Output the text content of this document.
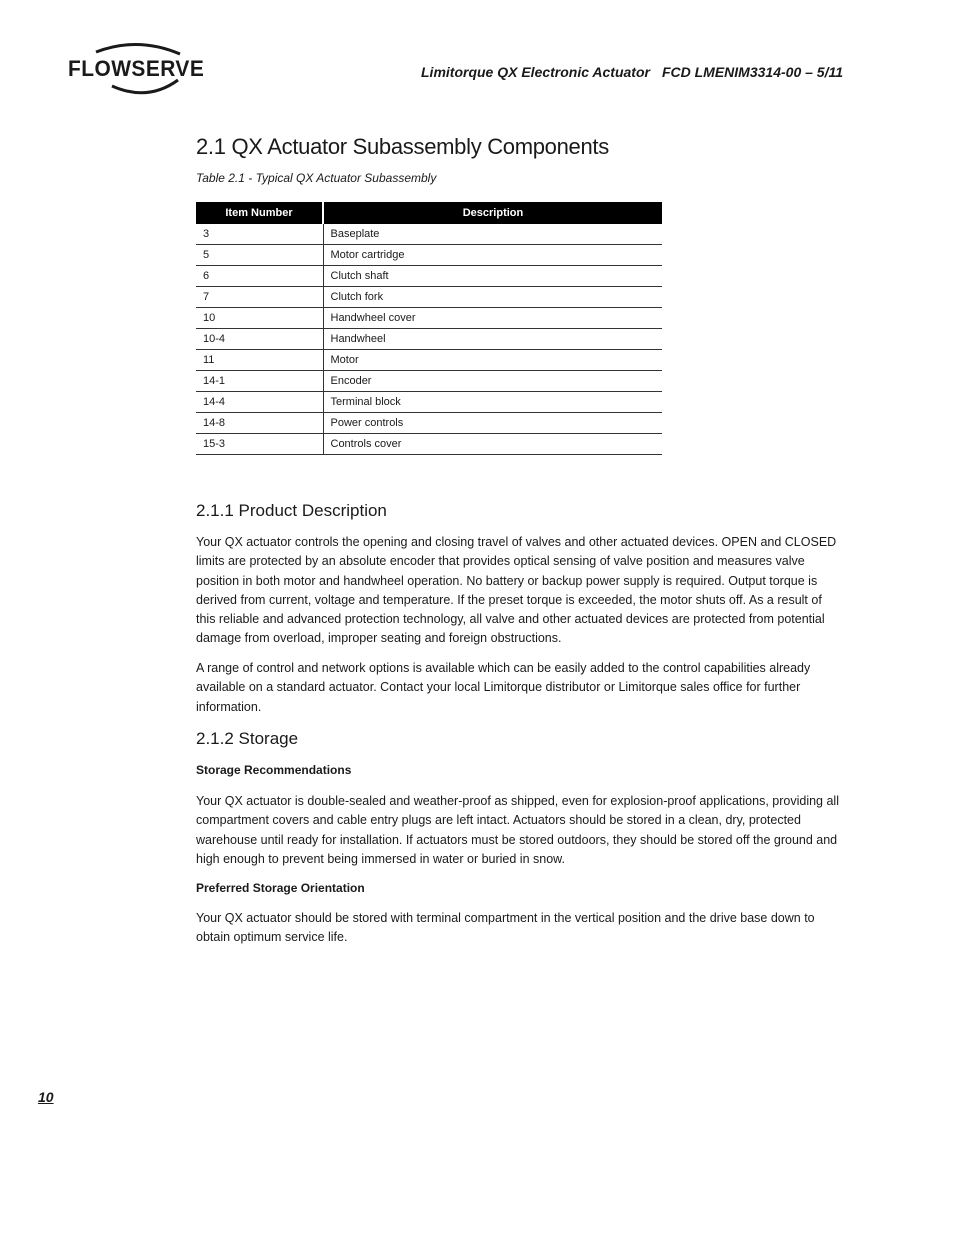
FLOWSERVE	Limitorque QX Electronic Actuator FCD LMENIM3314-00 – 5/11
2.1 QX Actuator Subassembly Components
Table 2.1 - Typical QX Actuator Subassembly
Item Number	Description
3	Baseplate
5	Motor cartridge
6	Clutch shaft
7	Clutch fork
10	Handwheel cover
10-4	Handwheel
11	Motor
14-1	Encoder
14-4	Terminal block
14-8	Power controls
15-3	Controls cover
2.1.1 Product Description

Your QX actuator controls the opening and closing travel of valves and other actuated devices. OPEN and CLOSED limits are protected by an absolute encoder that provides optical sensing of valve position and measures valve position in both motor and handwheel operation. No battery or backup power supply is required. Output torque is derived from current, voltage and temperature. If the preset torque is exceeded, the motor shuts off. As a result of this reliable and advanced protection technology, all valve and other actuated devices are protected from potential damage from overload, improper seating and foreign obstructions.

A range of control and network options is available which can be easily added to the control capabilities already available on a standard actuator. Contact your local Limitorque distributor or Limitorque sales office for further information.

2.1.2 Storage
Storage Recommendations

Your QX actuator is double-sealed and weather-proof as shipped, even for explosion-proof applications, providing all compartment covers and cable entry plugs are left intact. Actuators should be stored in a clean, dry, protected warehouse until ready for installation. If actuators must be stored outdoors, they should be stored off the ground and high enough to prevent being immersed in water or buried in snow.

Preferred Storage Orientation

Your QX actuator should be stored with terminal compartment in the vertical position and the drive base down to obtain optimum service life.

10
